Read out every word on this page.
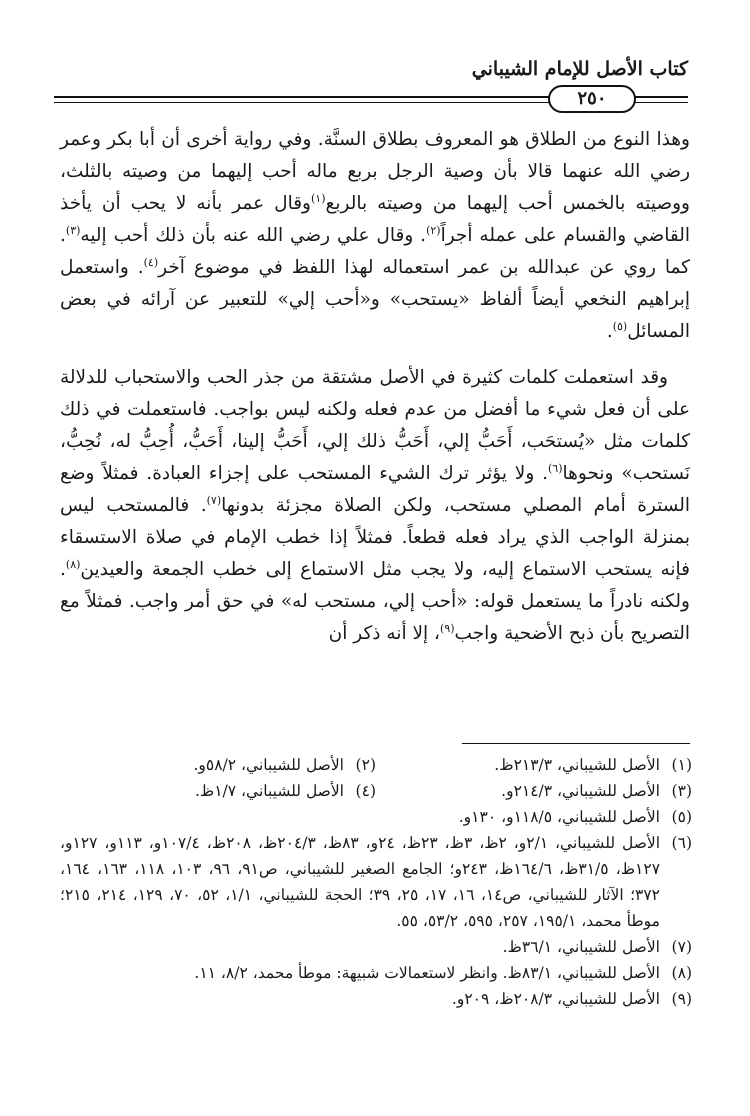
كتاب الأصل للإمام الشيباني
٢٥٠

وهذا النوع من الطلاق هو المعروف بطلاق السنَّة. وفي رواية أخرى أن أبا بكر وعمر رضي الله عنهما قالا بأن وصية الرجل بربع ماله أحب إليهما من وصيته بالثلث، ووصيته بالخمس أحب إليهما من وصيته بالربع$^{(١)}$وقال عمر بأنه لا يحب أن يأخذ القاضي والقسام على عمله أجراً$^{(٢)}$. وقال علي رضي الله عنه بأن ذلك أحب إليه$^{(٣)}$. كما روي عن عبدالله بن عمر استعماله لهذا اللفظ في موضوع آخر$^{(٤)}$. واستعمل إبراهيم النخعي أيضاً ألفاظ «يستحب» و«أحب إلي» للتعبير عن آرائه في بعض المسائل$^{(٥)}$.

وقد استعملت كلمات كثيرة في الأصل مشتقة من جذر الحب والاستحباب للدلالة على أن فعل شيء ما أفضل من عدم فعله ولكنه ليس بواجب. فاستعملت في ذلك كلمات مثل «يُستحَب، أَحَبُّ إلي، أَحَبُّ ذلك إلي، أَحَبُّ إلينا، أَحَبُّ، أُحِبُّ له، نُحِبُّ، نَستحب» ونحوها$^{(٦)}$. ولا يؤثر ترك الشيء المستحب على إجزاء العبادة. فمثلاً وضع السترة أمام المصلي مستحب، ولكن الصلاة مجزئة بدونها$^{(٧)}$. فالمستحب ليس بمنزلة الواجب الذي يراد فعله قطعاً. فمثلاً إذا خطب الإمام في صلاة الاستسقاء فإنه يستحب الاستماع إليه، ولا يجب مثل الاستماع إلى خطب الجمعة والعيدين$^{(٨)}$. ولكنه نادراً ما يستعمل قوله: «أحب إلي، مستحب له» في حق أمر واجب. فمثلاً مع التصريح بأن ذبح الأضحية واجب$^{(٩)}$، إلا أنه ذكر أن

(١)
الأصل للشيباني، ٢١٣/٣ظ.
(٢)
الأصل للشيباني، ٥٨/٢و.
(٣)
الأصل للشيباني، ٢١٤/٣و.
(٤)
الأصل للشيباني، ١/٧ظ.
(٥)
الأصل للشيباني، ١١٨/٥و، ١٣٠و.
(٦)
الأصل للشيباني، ٢/١و، ٢ظ، ٣ظ، ٢٣ظ، ٢٤و، ٨٣ظ، ٢٠٤/٣ظ، ٢٠٨ظ، ١٠٧/٤و، ١١٣و، ١٢٧و، ١٢٧ظ، ٣١/٥ظ، ١٦٤/٦ظ، ٢٤٣و؛ الجامع الصغير للشيباني، ص٩١، ٩٦، ١٠٣، ١١٨، ١٦٣، ١٦٤، ٣٧٢؛ الآثار للشيباني، ص١٤، ١٦، ١٧، ٢٥، ٣٩؛ الحجة للشيباني، ١/١، ٥٢، ٧٠، ١٢٩، ٢١٤، ٢١٥؛ موطأ محمد، ١٩٥/١، ٢٥٧، ٥٩٥، ٥٣/٢، ٥٥.
(٧)
الأصل للشيباني، ٣٦/١ظ.
(٨)
الأصل للشيباني، ٨٣/١ظ. وانظر لاستعمالات شبيهة: موطأ محمد، ٨/٢، ١١.
(٩)
الأصل للشيباني، ٢٠٨/٣ظ، ٢٠٩و.
